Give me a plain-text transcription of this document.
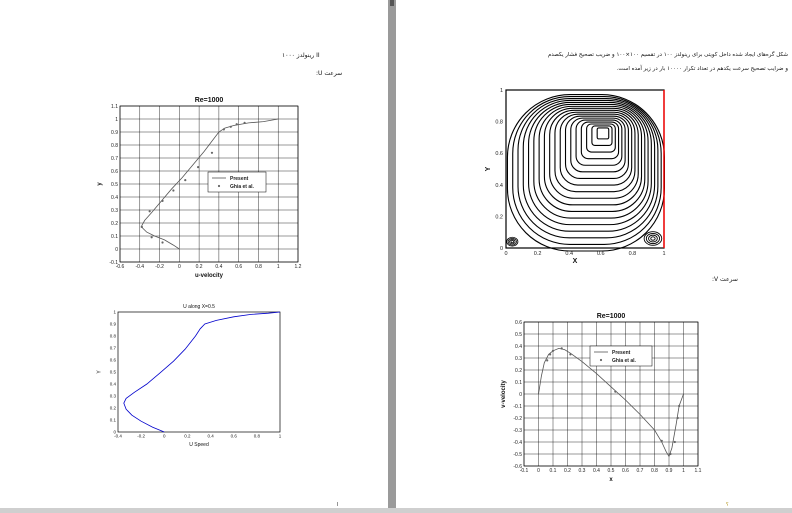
II رینولدز ۱۰۰۰
سرعت U:
-0.6 -0.4 -0.2	0	0.2	0.4	0.6	0.8	1	1.2
-0.1
0
0.1
0.2
0.3
0.4
0.5
0.6
0.7
0.8
0.9
1
1.1
Re=1000
u-velocity
y
Present
Ghia et al.
-0.4	-0.2	0	0.2	0.4	0.6	0.8	1
0
0.1
0.2
0.3
0.4
0.5
0.6
0.7
0.8
0.9
1
U along X=0.5
U Speed
Y
ا
شکل گره‌های ایجاد شده داخل کویتی برای رینولدز ۱۰۰ در تقسیم ۱۰۰×۱۰۰ و ضریب تصحیح فشار یکصدم
و ضرایب تصحیح سرعت یکدهم در تعداد تکرار ۱۰۰۰۰ بار در زیر آمده است.
0	0.2	0.4	0.6	0.8	1
0
0.2
0.4
0.6
0.8
1
X
Y
سرعت V:
-0.1 0 0.1 0.2 0.3 0.4 0.5 0.6 0.7 0.8 0.9 1 1.1
-0.6
-0.5
-0.4
-0.3
-0.2
-0.1
0
0.1
0.2
0.3
0.4
0.5
0.6
Re=1000
x
v-velocity
Present
Ghia et al.
؟
